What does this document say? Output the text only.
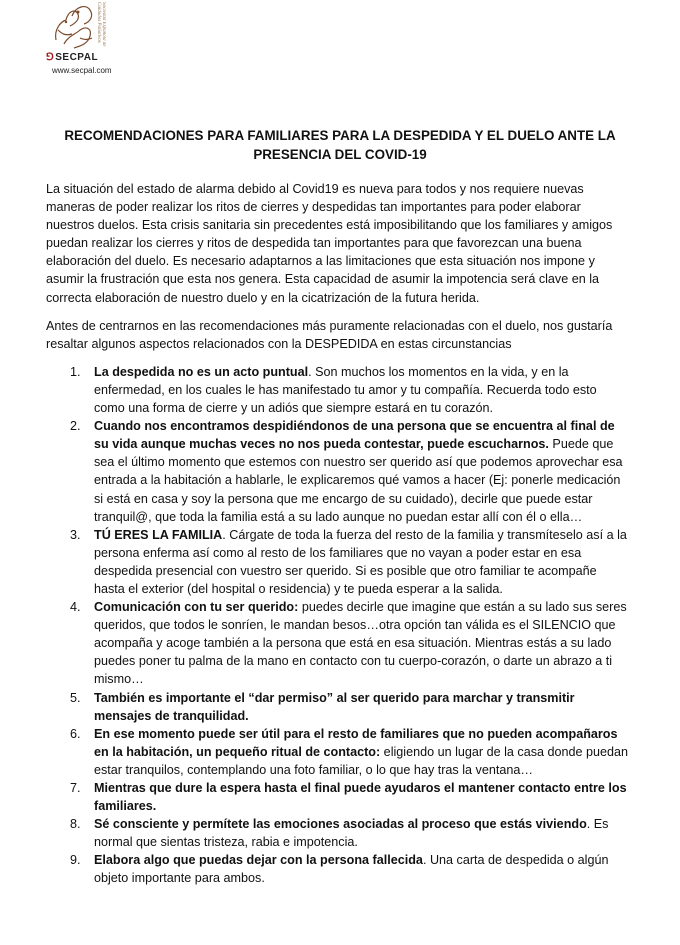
Sociedad Española de Cuidados Paliativos
⅁SECPAL
www.secpal.com
RECOMENDACIONES PARA FAMILIARES PARA LA DESPEDIDA Y EL DUELO ANTE LA
PRESENCIA DEL COVID-19

La situación del estado de alarma debido al Covid19 es nueva para todos y nos requiere nuevas maneras de poder realizar los ritos de cierres y despedidas tan importantes para poder elaborar nuestros duelos. Esta crisis sanitaria sin precedentes está imposibilitando que los familiares y amigos puedan realizar los cierres y ritos de despedida tan importantes para que favorezcan una buena elaboración del duelo. Es necesario adaptarnos a las limitaciones que esta situación nos impone y asumir la frustración que esta nos genera. Esta capacidad de asumir la impotencia será clave en la correcta elaboración de nuestro duelo y en la cicatrización de la futura herida.

Antes de centrarnos en las recomendaciones más puramente relacionadas con el duelo, nos gustaría resaltar algunos aspectos relacionados con la DESPEDIDA en estas circunstancias

1. La despedida no es un acto puntual. Son muchos los momentos en la vida, y en la enfermedad, en los cuales le has manifestado tu amor y tu compañía. Recuerda todo esto como una forma de cierre y un adiós que siempre estará en tu corazón.
2. Cuando nos encontramos despidiéndonos de una persona que se encuentra al final de su vida aunque muchas veces no nos pueda contestar, puede escucharnos. Puede que sea el último momento que estemos con nuestro ser querido así que podemos aprovechar esa entrada a la habitación a hablarle, le explicaremos qué vamos a hacer (Ej: ponerle medicación si está en casa y soy la persona que me encargo de su cuidado), decirle que puede estar tranquil@, que toda la familia está a su lado aunque no puedan estar allí con él o ella…
3. TÚ ERES LA FAMILIA. Cárgate de toda la fuerza del resto de la familia y transmíteselo así a la persona enferma así como al resto de los familiares que no vayan a poder estar en esa despedida presencial con vuestro ser querido. Si es posible que otro familiar te acompañe hasta el exterior (del hospital o residencia) y te pueda esperar a la salida.
4. Comunicación con tu ser querido: puedes decirle que imagine que están a su lado sus seres queridos, que todos le sonríen, le mandan besos…otra opción tan válida es el SILENCIO que acompaña y acoge también a la persona que está en esa situación. Mientras estás a su lado puedes poner tu palma de la mano en contacto con tu cuerpo-corazón, o darte un abrazo a ti mismo…
5. También es importante el “dar permiso” al ser querido para marchar y transmitir mensajes de tranquilidad.
6. En ese momento puede ser útil para el resto de familiares que no pueden acompañaros en la habitación, un pequeño ritual de contacto: eligiendo un lugar de la casa donde puedan estar tranquilos, contemplando una foto familiar, o lo que hay tras la ventana…
7. Mientras que dure la espera hasta el final puede ayudaros el mantener contacto entre los familiares.
8. Sé consciente y permítete las emociones asociadas al proceso que estás viviendo. Es normal que sientas tristeza, rabia e impotencia.
9. Elabora algo que puedas dejar con la persona fallecida. Una carta de despedida o algún objeto importante para ambos.
